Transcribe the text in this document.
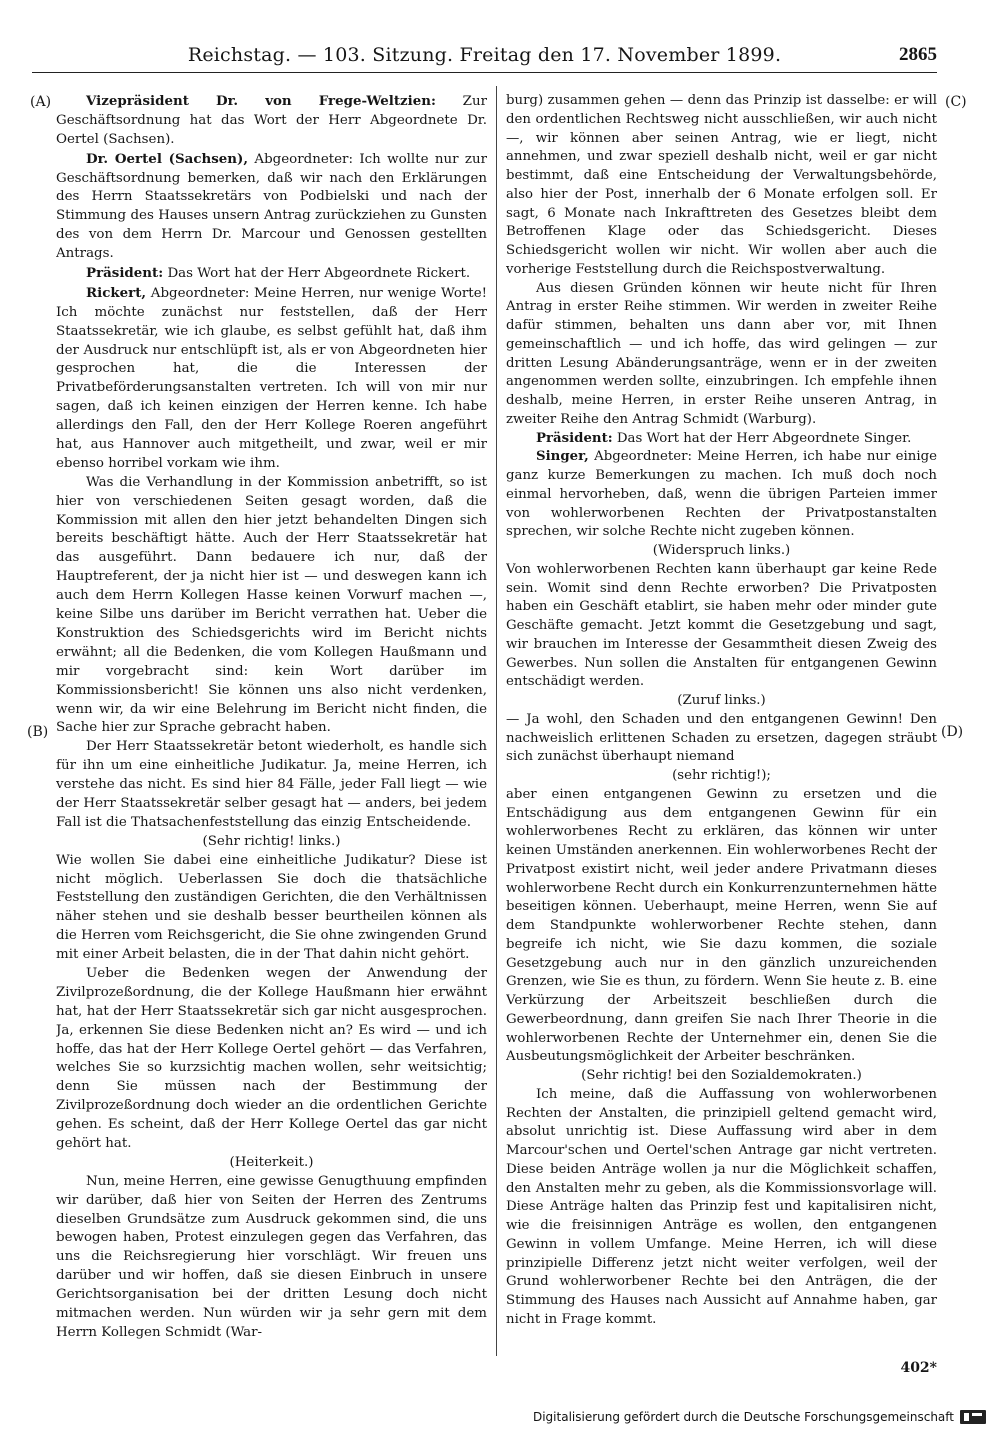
Reichstag. — 103. Sitzung. Freitag den 17. November 1899.	2865
(A)
(B)
(C)
(D)

Vizepräsident Dr. von Frege-Weltzien: Zur Geschäftsordnung hat das Wort der Herr Abgeordnete Dr. Oertel (Sachsen).

Dr. Oertel (Sachsen), Abgeordneter: Ich wollte nur zur Geschäftsordnung bemerken, daß wir nach den Erklärungen des Herrn Staatssekretärs von Podbielski und nach der Stimmung des Hauses unsern Antrag zurückziehen zu Gunsten des von dem Herrn Dr. Marcour und Genossen gestellten Antrags.

Präsident: Das Wort hat der Herr Abgeordnete Rickert.

Rickert, Abgeordneter: Meine Herren, nur wenige Worte! Ich möchte zunächst nur feststellen, daß der Herr Staatssekretär, wie ich glaube, es selbst gefühlt hat, daß ihm der Ausdruck nur entschlüpft ist, als er von Abgeordneten hier gesprochen hat, die die Interessen der Privatbeförderungsanstalten vertreten. Ich will von mir nur sagen, daß ich keinen einzigen der Herren kenne. Ich habe allerdings den Fall, den der Herr Kollege Roeren angeführt hat, aus Hannover auch mitgetheilt, und zwar, weil er mir ebenso horribel vorkam wie ihm.

Was die Verhandlung in der Kommission anbetrifft, so ist hier von verschiedenen Seiten gesagt worden, daß die Kommission mit allen den hier jetzt behandelten Dingen sich bereits beschäftigt hätte. Auch der Herr Staatssekretär hat das ausgeführt. Dann bedauere ich nur, daß der Hauptreferent, der ja nicht hier ist — und deswegen kann ich auch dem Herrn Kollegen Hasse keinen Vorwurf machen —, keine Silbe uns darüber im Bericht verrathen hat. Ueber die Konstruktion des Schiedsgerichts wird im Bericht nichts erwähnt; all die Bedenken, die vom Kollegen Haußmann und mir vorgebracht sind: kein Wort darüber im Kommissionsbericht! Sie können uns also nicht verdenken, wenn wir, da wir eine Belehrung im Bericht nicht finden, die Sache hier zur Sprache gebracht haben.

Der Herr Staatssekretär betont wiederholt, es handle sich für ihn um eine einheitliche Judikatur. Ja, meine Herren, ich verstehe das nicht. Es sind hier 84 Fälle, jeder Fall liegt — wie der Herr Staatssekretär selber gesagt hat — anders, bei jedem Fall ist die Thatsachenfeststellung das einzig Entscheidende.

(Sehr richtig! links.)

Wie wollen Sie dabei eine einheitliche Judikatur? Diese ist nicht möglich. Ueberlassen Sie doch die thatsächliche Feststellung den zuständigen Gerichten, die den Verhältnissen näher stehen und sie deshalb besser beurtheilen können als die Herren vom Reichsgericht, die Sie ohne zwingenden Grund mit einer Arbeit belasten, die in der That dahin nicht gehört.

Ueber die Bedenken wegen der Anwendung der Zivilprozeßordnung, die der Kollege Haußmann hier erwähnt hat, hat der Herr Staatssekretär sich gar nicht ausgesprochen. Ja, erkennen Sie diese Bedenken nicht an? Es wird — und ich hoffe, das hat der Herr Kollege Oertel gehört — das Verfahren, welches Sie so kurzsichtig machen wollen, sehr weitsichtig; denn Sie müssen nach der Bestimmung der Zivilprozeßordnung doch wieder an die ordentlichen Gerichte gehen. Es scheint, daß der Herr Kollege Oertel das gar nicht gehört hat.

(Heiterkeit.)

Nun, meine Herren, eine gewisse Genugthuung empfinden wir darüber, daß hier von Seiten der Herren des Zentrums dieselben Grundsätze zum Ausdruck gekommen sind, die uns bewogen haben, Protest einzulegen gegen das Verfahren, das uns die Reichsregierung hier vorschlägt. Wir freuen uns darüber und wir hoffen, daß sie diesen Einbruch in unsere Gerichtsorganisation bei der dritten Lesung doch nicht mitmachen werden. Nun würden wir ja sehr gern mit dem Herrn Kollegen Schmidt (War-

burg) zusammen gehen — denn das Prinzip ist dasselbe: er will den ordentlichen Rechtsweg nicht ausschließen, wir auch nicht —, wir können aber seinen Antrag, wie er liegt, nicht annehmen, und zwar speziell deshalb nicht, weil er gar nicht bestimmt, daß eine Entscheidung der Verwaltungsbehörde, also hier der Post, innerhalb der 6 Monate erfolgen soll. Er sagt, 6 Monate nach Inkrafttreten des Gesetzes bleibt dem Betroffenen Klage oder das Schiedsgericht. Dieses Schiedsgericht wollen wir nicht. Wir wollen aber auch die vorherige Feststellung durch die Reichspostverwaltung.

Aus diesen Gründen können wir heute nicht für Ihren Antrag in erster Reihe stimmen. Wir werden in zweiter Reihe dafür stimmen, behalten uns dann aber vor, mit Ihnen gemeinschaftlich — und ich hoffe, das wird gelingen — zur dritten Lesung Abänderungsanträge, wenn er in der zweiten angenommen werden sollte, einzubringen. Ich empfehle ihnen deshalb, meine Herren, in erster Reihe unseren Antrag, in zweiter Reihe den Antrag Schmidt (Warburg).

Präsident: Das Wort hat der Herr Abgeordnete Singer.

Singer, Abgeordneter: Meine Herren, ich habe nur einige ganz kurze Bemerkungen zu machen. Ich muß doch noch einmal hervorheben, daß, wenn die übrigen Parteien immer von wohlerworbenen Rechten der Privatpostanstalten sprechen, wir solche Rechte nicht zugeben können.

(Widerspruch links.)

Von wohlerworbenen Rechten kann überhaupt gar keine Rede sein. Womit sind denn Rechte erworben? Die Privatposten haben ein Geschäft etablirt, sie haben mehr oder minder gute Geschäfte gemacht. Jetzt kommt die Gesetzgebung und sagt, wir brauchen im Interesse der Gesammtheit diesen Zweig des Gewerbes. Nun sollen die Anstalten für entgangenen Gewinn entschädigt werden.

(Zuruf links.)

— Ja wohl, den Schaden und den entgangenen Gewinn! Den nachweislich erlittenen Schaden zu ersetzen, dagegen sträubt sich zunächst überhaupt niemand

(sehr richtig!);

aber einen entgangenen Gewinn zu ersetzen und die Entschädigung aus dem entgangenen Gewinn für ein wohlerworbenes Recht zu erklären, das können wir unter keinen Umständen anerkennen. Ein wohlerworbenes Recht der Privatpost existirt nicht, weil jeder andere Privatmann dieses wohlerworbene Recht durch ein Konkurrenzunternehmen hätte beseitigen können. Ueberhaupt, meine Herren, wenn Sie auf dem Standpunkte wohlerworbener Rechte stehen, dann begreife ich nicht, wie Sie dazu kommen, die soziale Gesetzgebung auch nur in den gänzlich unzureichenden Grenzen, wie Sie es thun, zu fördern. Wenn Sie heute z. B. eine Verkürzung der Arbeitszeit beschließen durch die Gewerbeordnung, dann greifen Sie nach Ihrer Theorie in die wohlerworbenen Rechte der Unternehmer ein, denen Sie die Ausbeutungsmöglichkeit der Arbeiter beschränken.

(Sehr richtig! bei den Sozialdemokraten.)

Ich meine, daß die Auffassung von wohlerworbenen Rechten der Anstalten, die prinzipiell geltend gemacht wird, absolut unrichtig ist. Diese Auffassung wird aber in dem Marcour'schen und Oertel'schen Antrage gar nicht vertreten. Diese beiden Anträge wollen ja nur die Möglichkeit schaffen, den Anstalten mehr zu geben, als die Kommissionsvorlage will. Diese Anträge halten das Prinzip fest und kapitalisiren nicht, wie die freisinnigen Anträge es wollen, den entgangenen Gewinn in vollem Umfange. Meine Herren, ich will diese prinzipielle Differenz jetzt nicht weiter verfolgen, weil der Grund wohlerworbener Rechte bei den Anträgen, die der Stimmung des Hauses nach Aussicht auf Annahme haben, gar nicht in Frage kommt.

402*
Digitalisierung gefördert durch die Deutsche Forschungsgemeinschaft
